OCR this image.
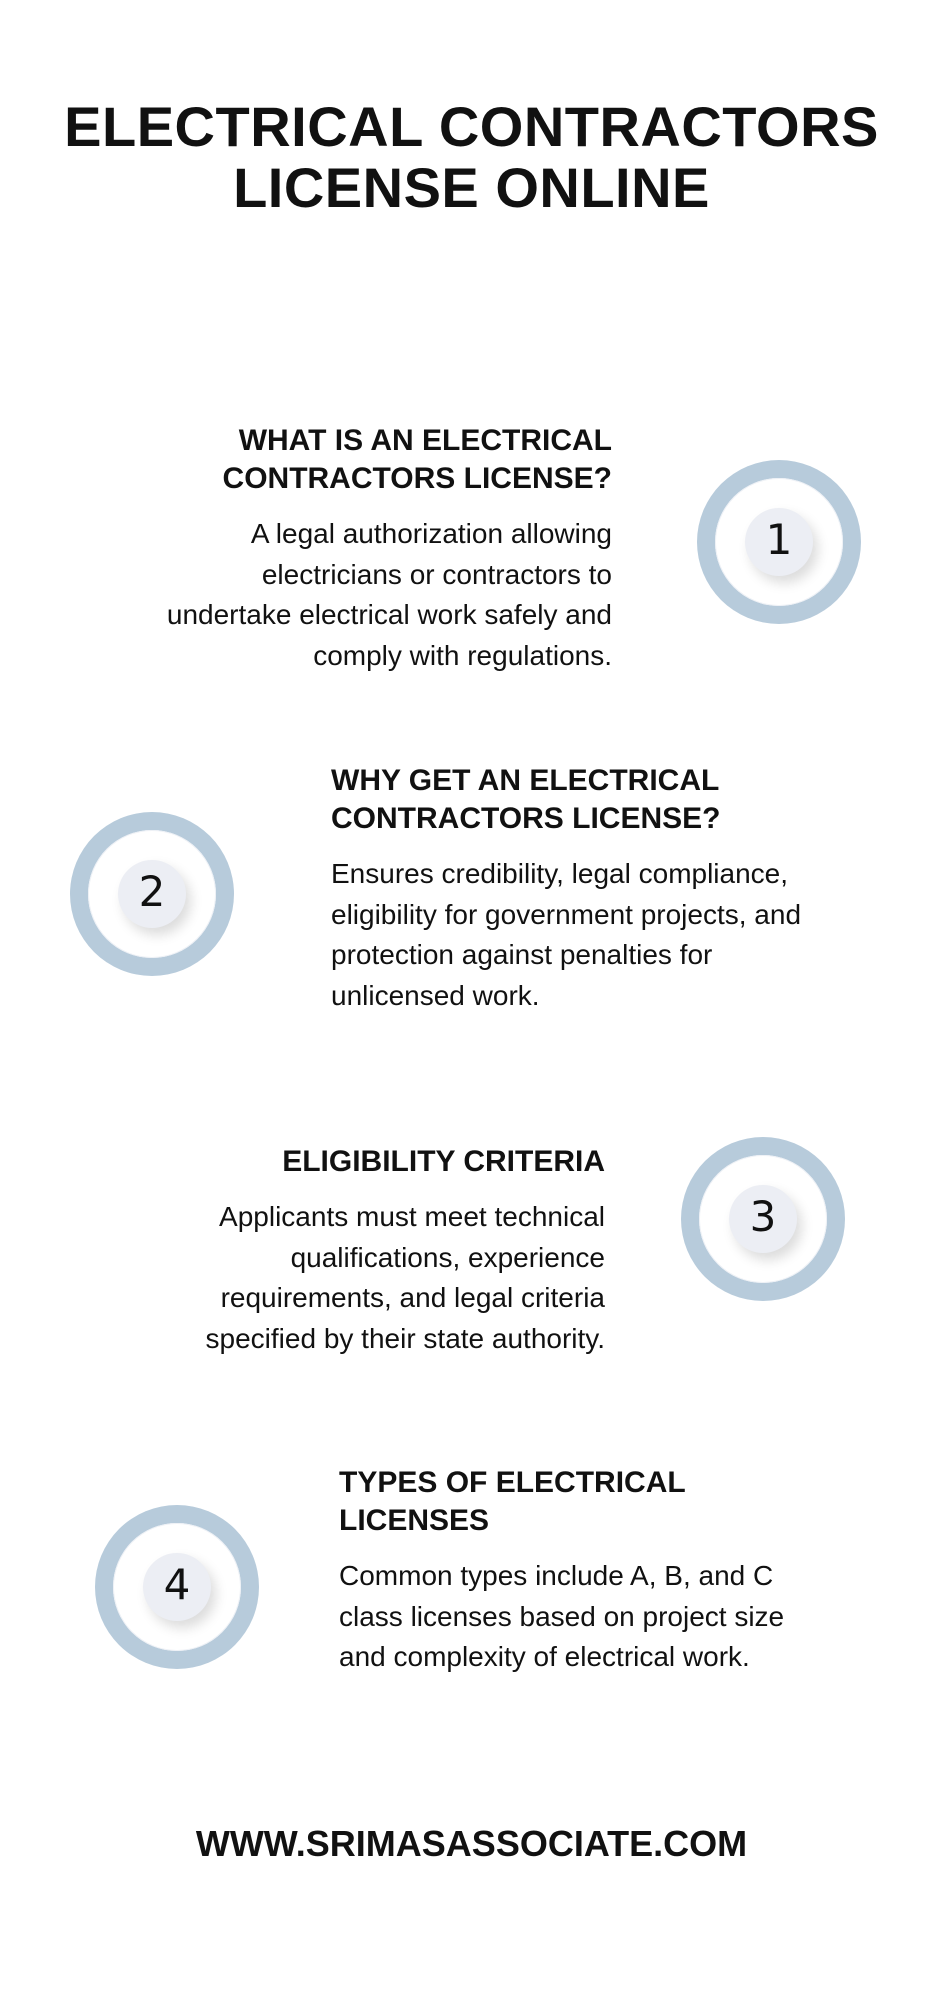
ELECTRICAL CONTRACTORS
LICENSE ONLINE
WHAT IS AN ELECTRICAL
CONTRACTORS LICENSE?

A legal authorization allowing
electricians or contractors to
undertake electrical work safely and
comply with regulations.

1
WHY GET AN ELECTRICAL
CONTRACTORS LICENSE?

Ensures credibility, legal compliance,
eligibility for government projects, and
protection against penalties for
unlicensed work.

2
ELIGIBILITY CRITERIA

Applicants must meet technical
qualifications, experience
requirements, and legal criteria
specified by their state authority.

3
TYPES OF ELECTRICAL
LICENSES

Common types include A, B, and C
class licenses based on project size
and complexity of electrical work.

4

WWW.SRIMASASSOCIATE.COM
